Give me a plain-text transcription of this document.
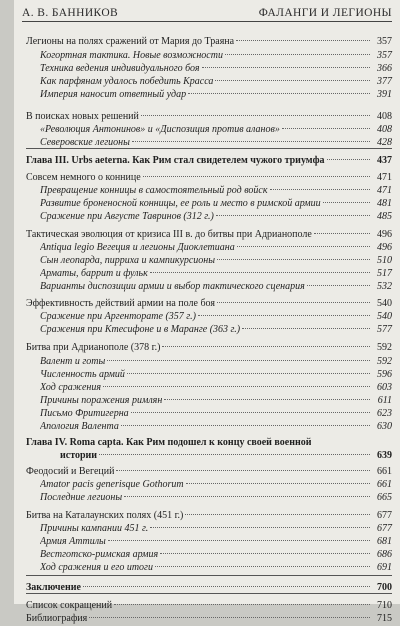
А. В. БАННИКОВ	ФАЛАНГИ И ЛЕГИОНЫ
Легионы на полях сражений от Мария до Траяна	357
Когортная тактика. Новые возможности	357
Техника ведения индивидуального боя	366
Как парфянам удалось победить Красса	377
Империя наносит ответный удар	391
В поисках новых решений	408
«Революция Антонинов» и «Диспозиция против аланов»	408
Северовские легионы	428
Глава III. Urbs aeterna. Как Рим стал свидетелем чужого триумфа	437
Совсем немного о коннице	471
Превращение конницы в самостоятельный род войск	471
Развитие броненосной конницы, ее роль и место в римской армии	481
Сражение при Августе Тавринов (312 г.)	485
Тактическая эволюция от кризиса III в. до битвы при Адрианополе	496
Antiqua legio Вегеция и легионы Диоклетиана	496
Сын леопарда, пирриха и кампикурсионы	510
Арматы, баррит и фульк	517
Варианты диспозиции армии и выбор тактического сценария	532
Эффективность действий армии на поле боя	540
Сражение при Аргенторате (357 г.)	540
Сражения при Ктесифоне и в Маранге (363 г.)	577
Битва при Адрианополе (378 г.)	592
Валент и готы	592
Численность армий	596
Ход сражения	603
Причины поражения римлян	611
Письмо Фритигерна	623
Апология Валента	630
Глава IV. Roma capta. Как Рим подошел к концу своей военной
истории	639
Феодосий и Вегеций	661
Amator pacis generisque Gothorum	661
Последние легионы	665
Битва на Каталаунских полях (451 г.)	677
Причины кампании 451 г.	677
Армия Аттилы	681
Вестготско-римская армия	686
Ход сражения и его итоги	691
Заключение	700
Список сокращений	710
Библиография	715
